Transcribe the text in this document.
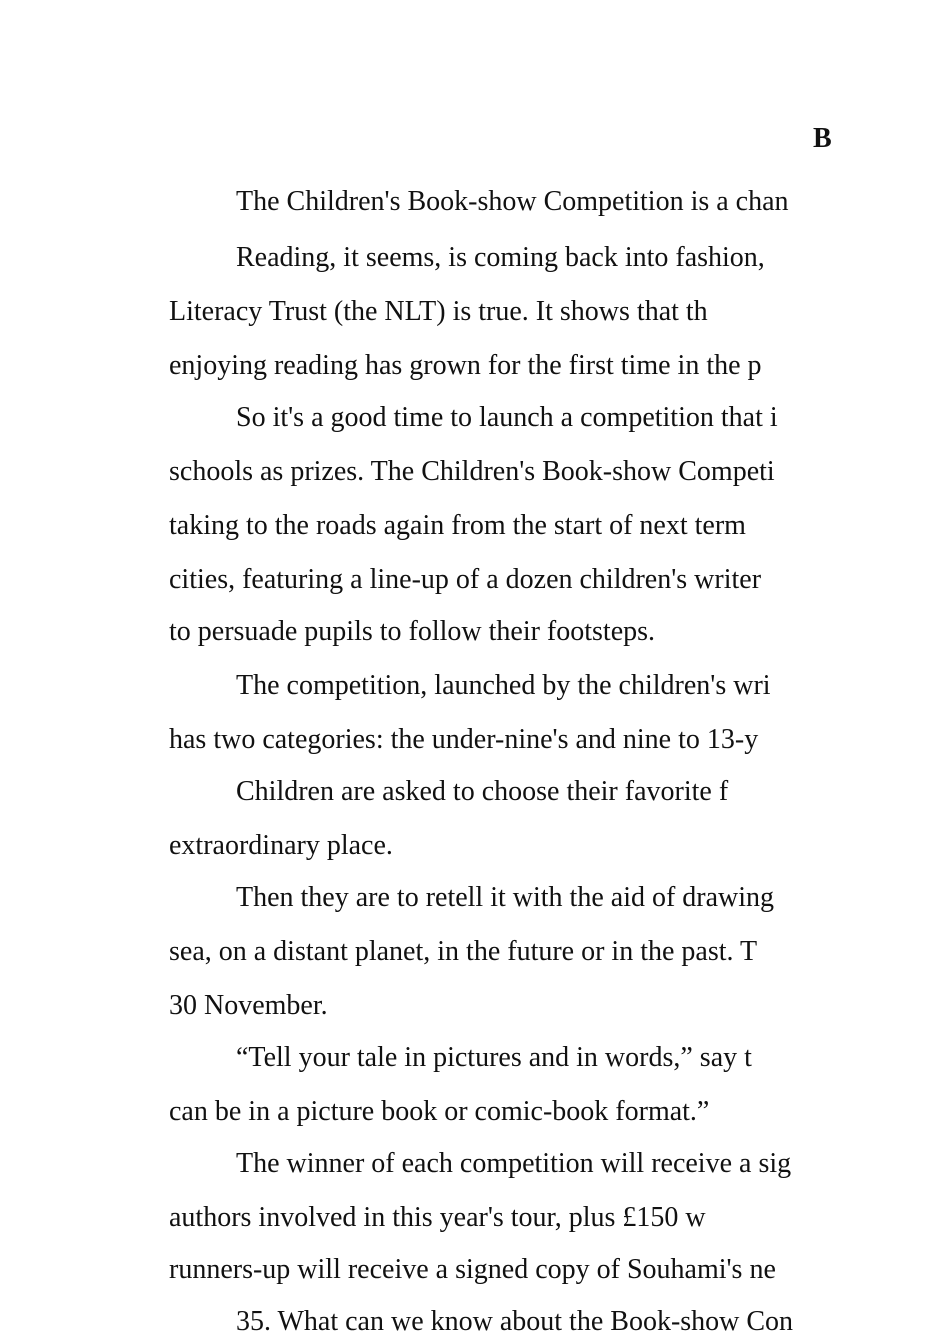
B
The Children's Book-show Competition is a chan
Reading, it seems, is coming back into fashion,
Literacy Trust (the NLT) is true. It shows that th
enjoying reading has grown for the first time in the p
So it's a good time to launch a competition that i
schools as prizes. The Children's Book-show Competi
taking to the roads again from the start of next term
cities, featuring a line-up of a dozen children's writer
to persuade pupils to follow their footsteps.
The competition, launched by the children's wri
has two categories: the under-nine's and nine to 13-y
Children are asked to choose their favorite f
extraordinary place.
Then they are to retell it with the aid of drawing
sea, on a distant planet, in the future or in the past. T
30 November.
“Tell your tale in pictures and in words,” say t
can be in a picture book or comic-book format.”
The winner of each competition will receive a sig
authors involved in this year's tour, plus £150 w
runners-up will receive a signed copy of Souhami's ne
35. What can we know about the Book-show Con
